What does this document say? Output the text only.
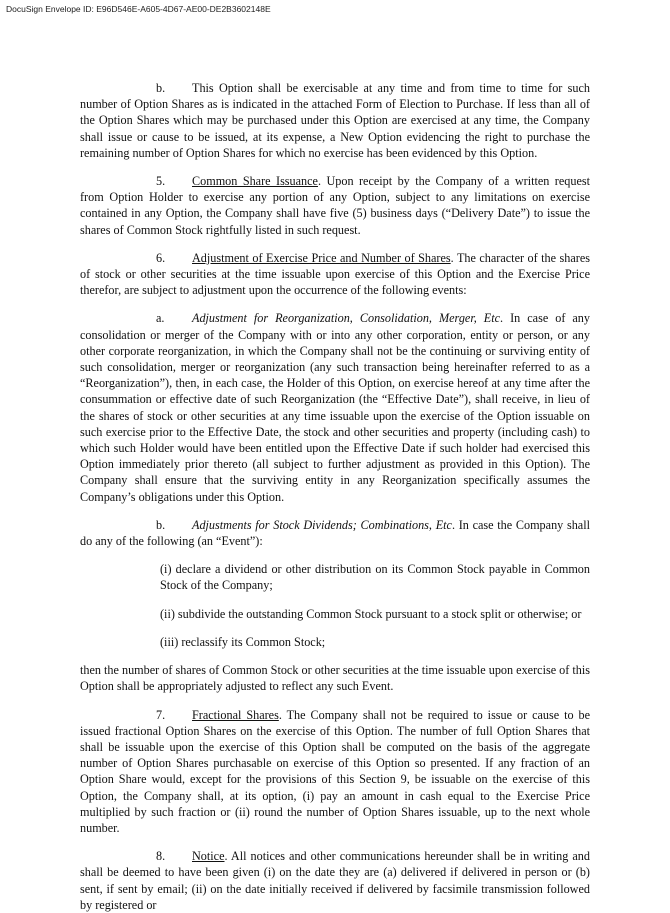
DocuSign Envelope ID: E96D546E-A605-4D67-AE00-DE2B3602148E

b. This Option shall be exercisable at any time and from time to time for such number of Option Shares as is indicated in the attached Form of Election to Purchase. If less than all of the Option Shares which may be purchased under this Option are exercised at any time, the Company shall issue or cause to be issued, at its expense, a New Option evidencing the right to purchase the remaining number of Option Shares for which no exercise has been evidenced by this Option.

5. Common Share Issuance. Upon receipt by the Company of a written request from Option Holder to exercise any portion of any Option, subject to any limitations on exercise contained in any Option, the Company shall have five (5) business days (“Delivery Date”) to issue the shares of Common Stock rightfully listed in such request.

6. Adjustment of Exercise Price and Number of Shares. The character of the shares of stock or other securities at the time issuable upon exercise of this Option and the Exercise Price therefor, are subject to adjustment upon the occurrence of the following events:

a. Adjustment for Reorganization, Consolidation, Merger, Etc. In case of any consolidation or merger of the Company with or into any other corporation, entity or person, or any other corporate reorganization, in which the Company shall not be the continuing or surviving entity of such consolidation, merger or reorganization (any such transaction being hereinafter referred to as a “Reorganization”), then, in each case, the Holder of this Option, on exercise hereof at any time after the consummation or effective date of such Reorganization (the “Effective Date”), shall receive, in lieu of the shares of stock or other securities at any time issuable upon the exercise of the Option issuable on such exercise prior to the Effective Date, the stock and other securities and property (including cash) to which such Holder would have been entitled upon the Effective Date if such holder had exercised this Option immediately prior thereto (all subject to further adjustment as provided in this Option). The Company shall ensure that the surviving entity in any Reorganization specifically assumes the Company’s obligations under this Option.

b. Adjustments for Stock Dividends; Combinations, Etc. In case the Company shall do any of the following (an “Event”):

(i) declare a dividend or other distribution on its Common Stock payable in Common Stock of the Company;

(ii) subdivide the outstanding Common Stock pursuant to a stock split or otherwise; or

(iii) reclassify its Common Stock;

then the number of shares of Common Stock or other securities at the time issuable upon exercise of this Option shall be appropriately adjusted to reflect any such Event.

7. Fractional Shares. The Company shall not be required to issue or cause to be issued fractional Option Shares on the exercise of this Option. The number of full Option Shares that shall be issuable upon the exercise of this Option shall be computed on the basis of the aggregate number of Option Shares purchasable on exercise of this Option so presented. If any fraction of an Option Share would, except for the provisions of this Section 9, be issuable on the exercise of this Option, the Company shall, at its option, (i) pay an amount in cash equal to the Exercise Price multiplied by such fraction or (ii) round the number of Option Shares issuable, up to the next whole number.

8. Notice. All notices and other communications hereunder shall be in writing and shall be deemed to have been given (i) on the date they are (a) delivered if delivered in person or (b) sent, if sent by email; (ii) on the date initially received if delivered by facsimile transmission followed by registered or
